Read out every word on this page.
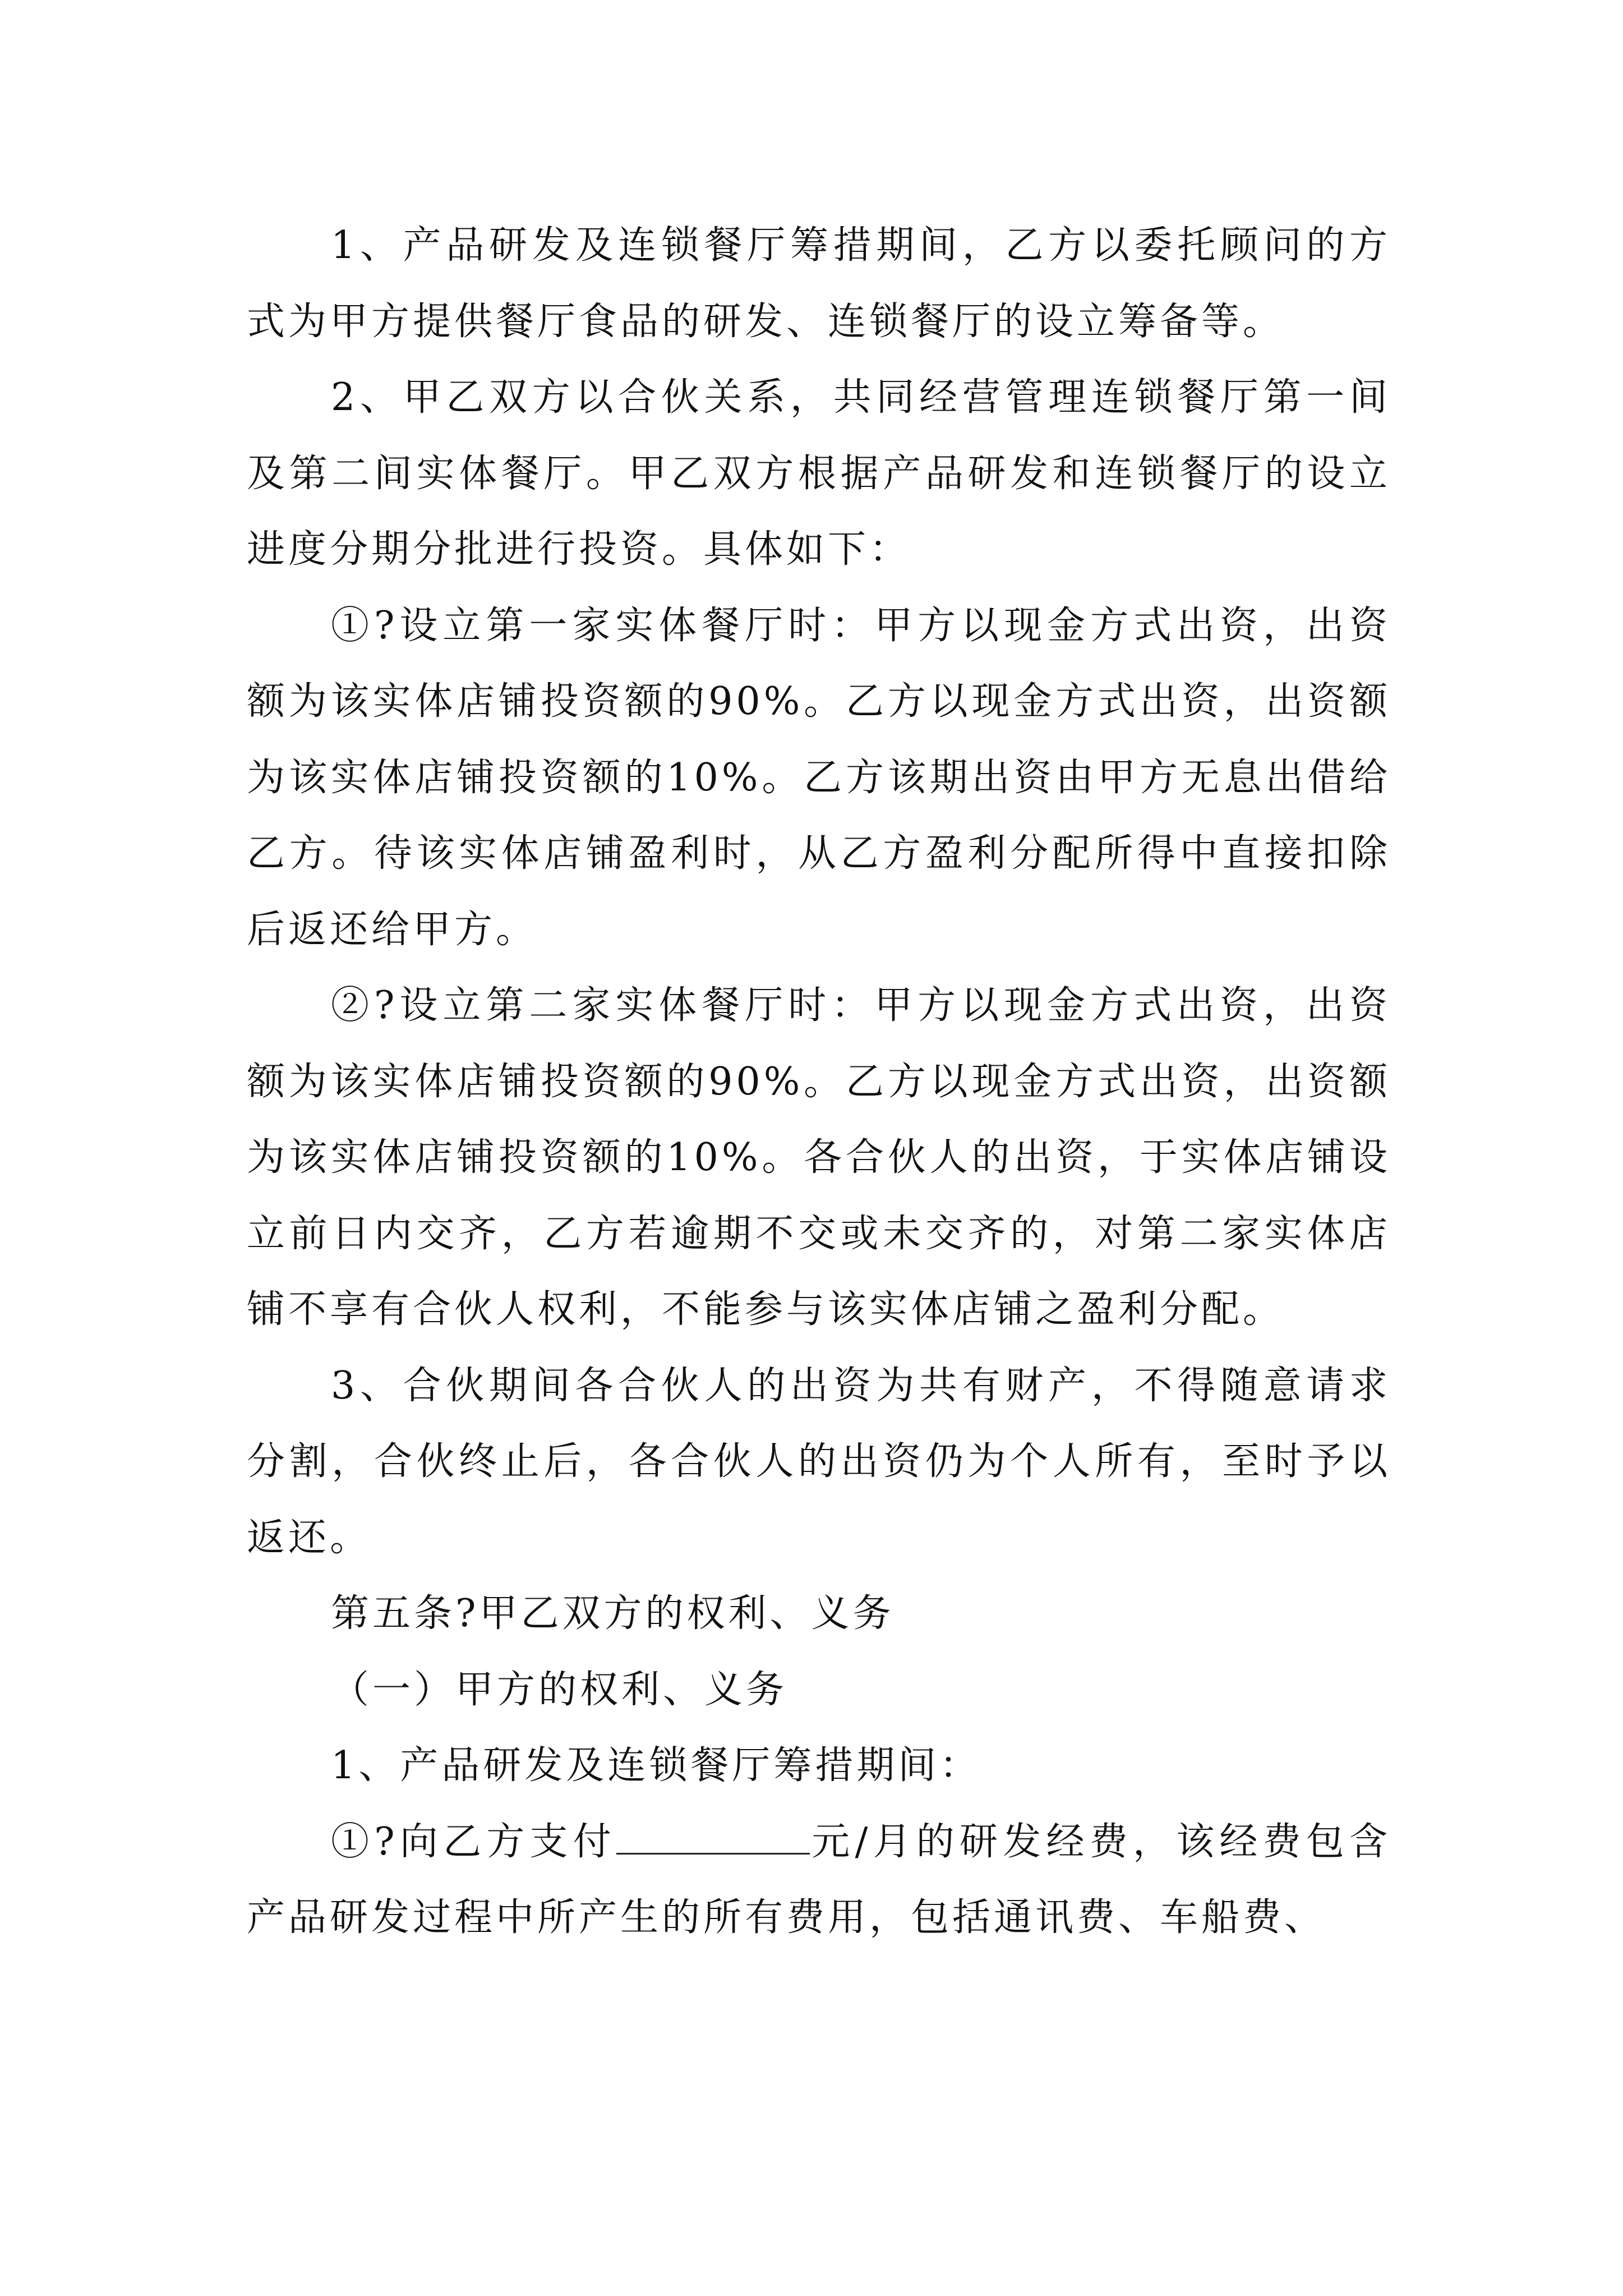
1、产品研发及连锁餐厅筹措期间，乙方以委托顾问的方式为甲方提供餐厅食品的研发、连锁餐厅的设立筹备等。

2、甲乙双方以合伙关系，共同经营管理连锁餐厅第一间及第二间实体餐厅。甲乙双方根据产品研发和连锁餐厅的设立进度分期分批进行投资。具体如下：

①?设立第一家实体餐厅时：甲方以现金方式出资，出资额为该实体店铺投资额的90%。乙方以现金方式出资，出资额为该实体店铺投资额的10%。乙方该期出资由甲方无息出借给乙方。待该实体店铺盈利时，从乙方盈利分配所得中直接扣除后返还给甲方。

②?设立第二家实体餐厅时：甲方以现金方式出资，出资额为该实体店铺投资额的90%。乙方以现金方式出资，出资额为该实体店铺投资额的10%。各合伙人的出资，于实体店铺设立前日内交齐，乙方若逾期不交或未交齐的，对第二家实体店铺不享有合伙人权利，不能参与该实体店铺之盈利分配。

3、合伙期间各合伙人的出资为共有财产，不得随意请求分割，合伙终止后，各合伙人的出资仍为个人所有，至时予以返还。

第五条?甲乙双方的权利、义务

（一）甲方的权利、义务

1、产品研发及连锁餐厅筹措期间：

①?向乙方支付	元/月的研发经费，该经费包含产品研发过程中所产生的所有费用，包括通讯费、车船费、
